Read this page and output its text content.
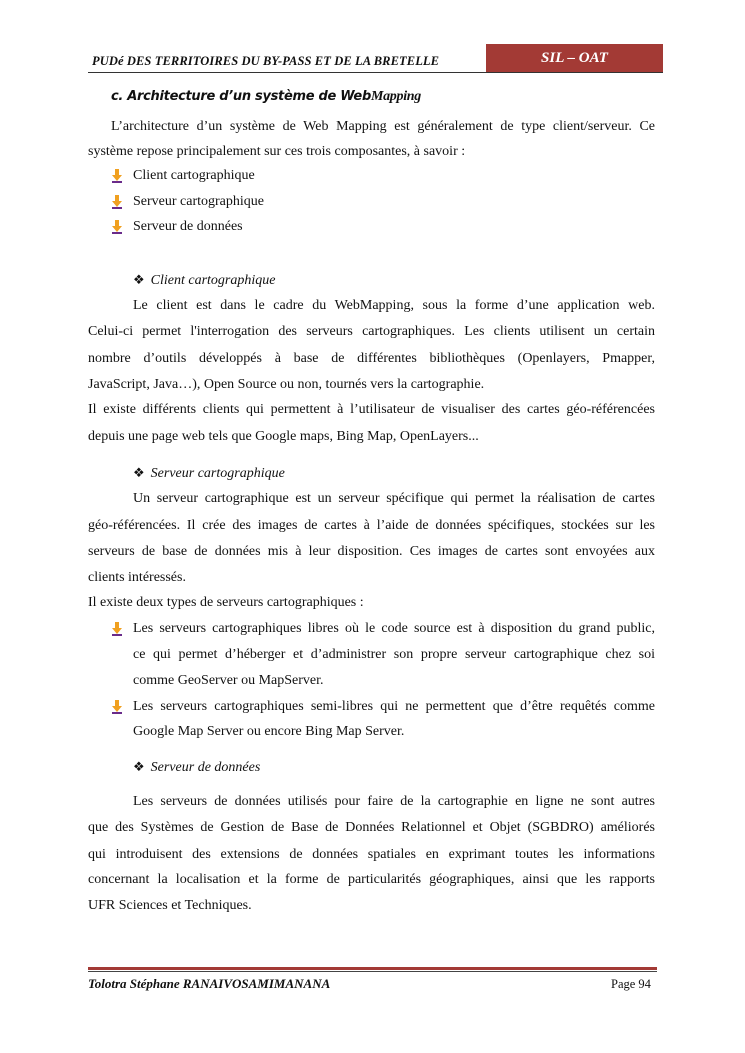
PUDé DES TERRITOIRES DU BY-PASS ET DE LA BRETELLE	SIL – OAT
c. Architecture d’un système de WebMapping
L’architecture d’un système de Web Mapping est généralement de type client/serveur. Ce
système repose principalement sur ces trois composantes, à savoir :
Client cartographique
Serveur cartographique
Serveur de données
❖ Client cartographique
Le client est dans le cadre du WebMapping, sous la forme d’une application web.
Celui-ci permet l'interrogation des serveurs cartographiques. Les clients utilisent un certain
nombre d’outils développés à base de différentes bibliothèques (Openlayers, Pmapper,
JavaScript, Java…), Open Source ou non, tournés vers la cartographie.
Il existe différents clients qui permettent à l’utilisateur de visualiser des cartes géo-référencées
depuis une page web tels que Google maps, Bing Map, OpenLayers...
❖ Serveur cartographique
Un serveur cartographique est un serveur spécifique qui permet la réalisation de cartes
géo-référencées. Il crée des images de cartes à l’aide de données spécifiques, stockées sur les
serveurs de base de données mis à leur disposition. Ces images de cartes sont envoyées aux
clients intéressés.
Il existe deux types de serveurs cartographiques :
Les serveurs cartographiques libres où le code source est à disposition du grand public,
ce qui permet d’héberger et d’administrer son propre serveur cartographique chez soi
comme GeoServer ou MapServer.
Les serveurs cartographiques semi-libres qui ne permettent que d’être requêtés comme
Google Map Server ou encore Bing Map Server.
❖ Serveur de données
Les serveurs de données utilisés pour faire de la cartographie en ligne ne sont autres
que des Systèmes de Gestion de Base de Données Relationnel et Objet (SGBDRO) améliorés
qui introduisent des extensions de données spatiales en exprimant toutes les informations
concernant la localisation et la forme de particularités géographiques, ainsi que les rapports
UFR Sciences et Techniques.
Tolotra Stéphane RANAIVOSAMIMANANA	Page 94
